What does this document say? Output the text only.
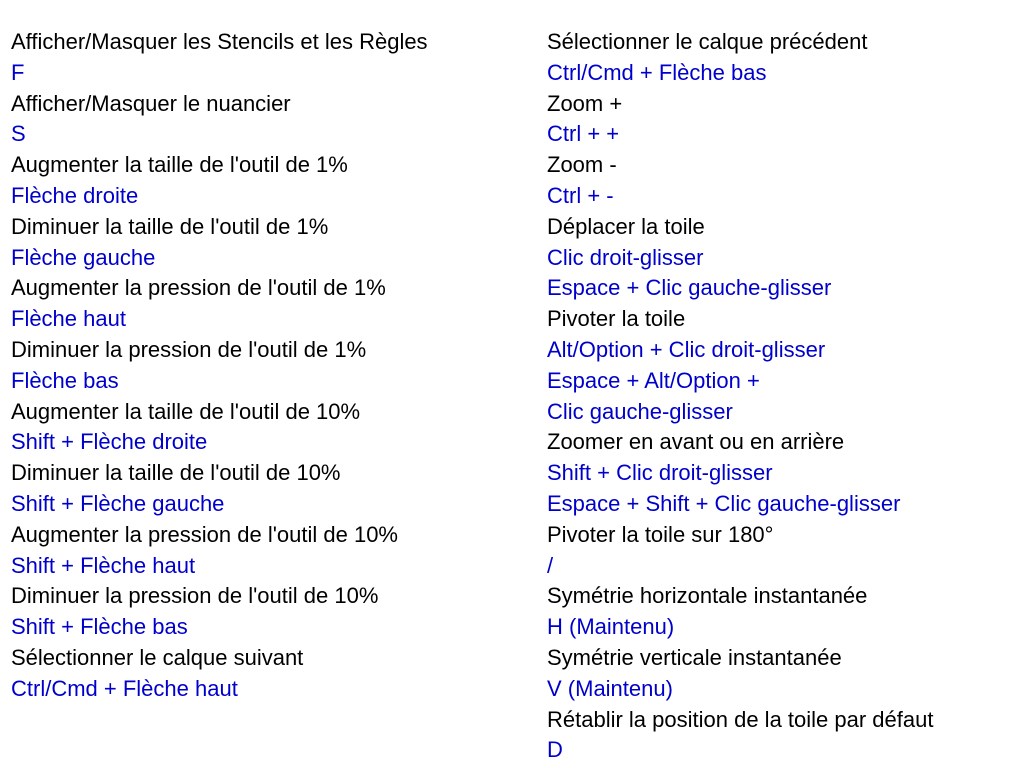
Afficher/Masquer les Stencils et les Règles
F
Afficher/Masquer le nuancier
S
Augmenter la taille de l'outil de 1%
Flèche droite
Diminuer la taille de l'outil de 1%
Flèche gauche
Augmenter la pression de l'outil de 1%
Flèche haut
Diminuer la pression de l'outil de 1%
Flèche bas
Augmenter la taille de l'outil de 10%
Shift + Flèche droite
Diminuer la taille de l'outil de 10%
Shift + Flèche gauche
Augmenter la pression de l'outil de 10%
Shift + Flèche haut
Diminuer la pression de l'outil de 10%
Shift + Flèche bas
Sélectionner le calque suivant
Ctrl/Cmd + Flèche haut
Sélectionner le calque précédent
Ctrl/Cmd + Flèche bas
Zoom +
Ctrl + +
Zoom -
Ctrl + -
Déplacer la toile
Clic droit-glisser
Espace + Clic gauche-glisser
Pivoter la toile
Alt/Option + Clic droit-glisser
Espace + Alt/Option +
Clic gauche-glisser
Zoomer en avant ou en arrière
Shift + Clic droit-glisser
Espace + Shift + Clic gauche-glisser
Pivoter la toile sur 180°
/
Symétrie horizontale instantanée
H (Maintenu)
Symétrie verticale instantanée
V (Maintenu)
Rétablir la position de la toile par défaut
D
